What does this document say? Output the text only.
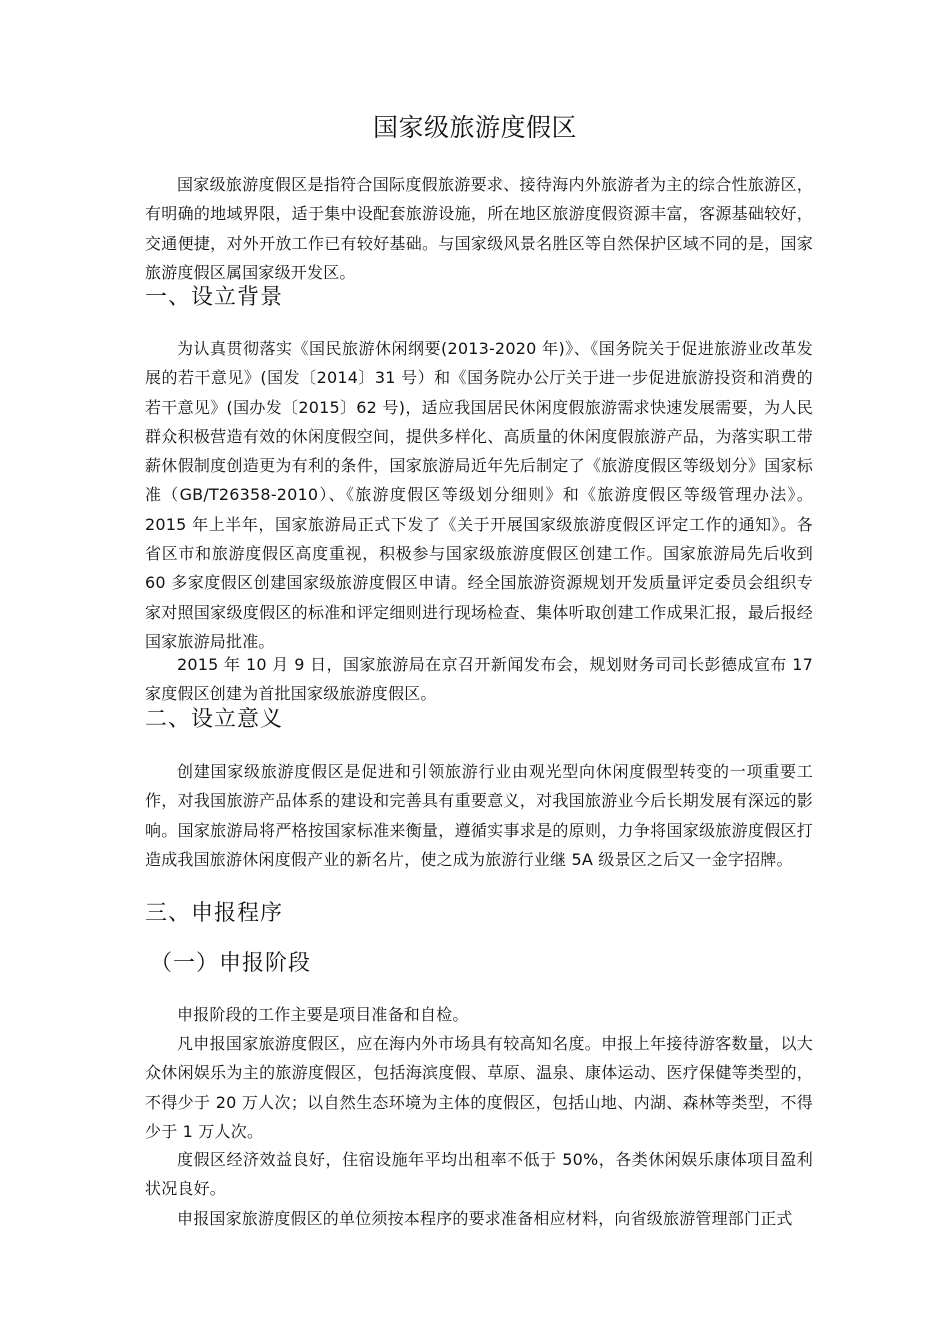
国家级旅游度假区

国家级旅游度假区是指符合国际度假旅游要求、接待海内外旅游者为主的综合性旅游区，有明确的地域界限，适于集中设配套旅游设施，所在地区旅游度假资源丰富，客源基础较好，交通便捷，对外开放工作已有较好基础。与国家级风景名胜区等自然保护区域不同的是，国家旅游度假区属国家级开发区。

一、设立背景

为认真贯彻落实《国民旅游休闲纲要(2013-2020 年)》、《国务院关于促进旅游业改革发展的若干意见》(国发〔2014〕31 号）和《国务院办公厅关于进一步促进旅游投资和消费的若干意见》(国办发〔2015〕62 号)，适应我国居民休闲度假旅游需求快速发展需要，为人民群众积极营造有效的休闲度假空间，提供多样化、高质量的休闲度假旅游产品，为落实职工带薪休假制度创造更为有利的条件，国家旅游局近年先后制定了《旅游度假区等级划分》国家标准（GB/T26358-2010）、《旅游度假区等级划分细则》和《旅游度假区等级管理办法》。2015 年上半年，国家旅游局正式下发了《关于开展国家级旅游度假区评定工作的通知》。各省区市和旅游度假区高度重视，积极参与国家级旅游度假区创建工作。国家旅游局先后收到 60 多家度假区创建国家级旅游度假区申请。经全国旅游资源规划开发质量评定委员会组织专家对照国家级度假区的标准和评定细则进行现场检查、集体听取创建工作成果汇报，最后报经国家旅游局批准。

2015 年 10 月 9 日，国家旅游局在京召开新闻发布会，规划财务司司长彭德成宣布 17 家度假区创建为首批国家级旅游度假区。

二、设立意义

创建国家级旅游度假区是促进和引领旅游行业由观光型向休闲度假型转变的一项重要工作，对我国旅游产品体系的建设和完善具有重要意义，对我国旅游业今后长期发展有深远的影响。国家旅游局将严格按国家标准来衡量，遵循实事求是的原则，力争将国家级旅游度假区打造成我国旅游休闲度假产业的新名片，使之成为旅游行业继 5A 级景区之后又一金字招牌。

三、申报程序
（一）申报阶段

申报阶段的工作主要是项目准备和自检。

凡申报国家旅游度假区，应在海内外市场具有较高知名度。申报上年接待游客数量，以大众休闲娱乐为主的旅游度假区，包括海滨度假、草原、温泉、康体运动、医疗保健等类型的，不得少于 20 万人次；以自然生态环境为主体的度假区，包括山地、内湖、森林等类型，不得少于 1 万人次。

度假区经济效益良好，住宿设施年平均出租率不低于 50%，各类休闲娱乐康体项目盈利状况良好。

申报国家旅游度假区的单位须按本程序的要求准备相应材料，向省级旅游管理部门正式
